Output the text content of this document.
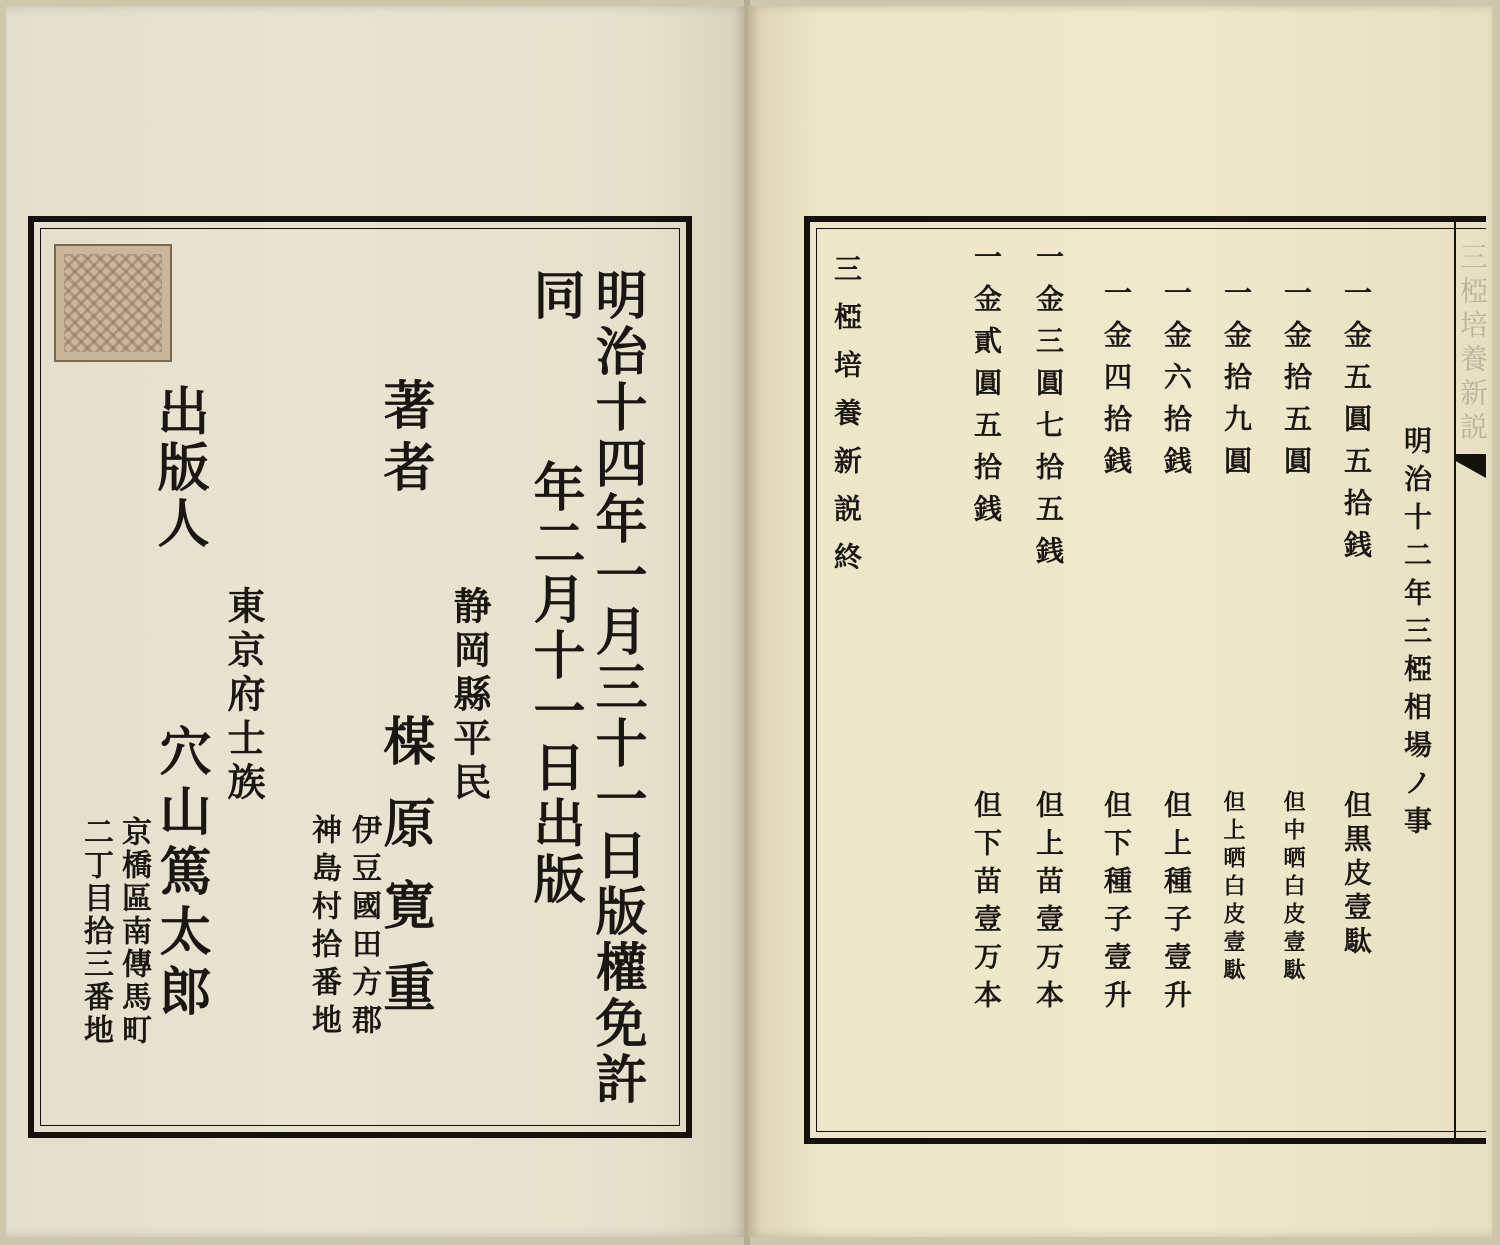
明治十四年一月三十一日版權免許
同
年二月十一日出版
著者
静岡縣平民
楳原寛重
伊豆國田方郡
神島村拾番地
出版人
東京府士族
穴山篤太郎
京橋區南傳馬町
二丁目拾三番地
三椏培養新説
明治十二年三椏相場ノ事
一金五圓五拾銭
一金拾五圓
一金拾九圓
一金六拾銭
一金四拾銭
一金三圓七拾五銭
一金貳圓五拾銭
但黒皮壹駄
但中晒白皮壹駄
但上晒白皮壹駄
但上種子壹升
但下種子壹升
但上苗壹万本
但下苗壹万本
三椏培養新説終
